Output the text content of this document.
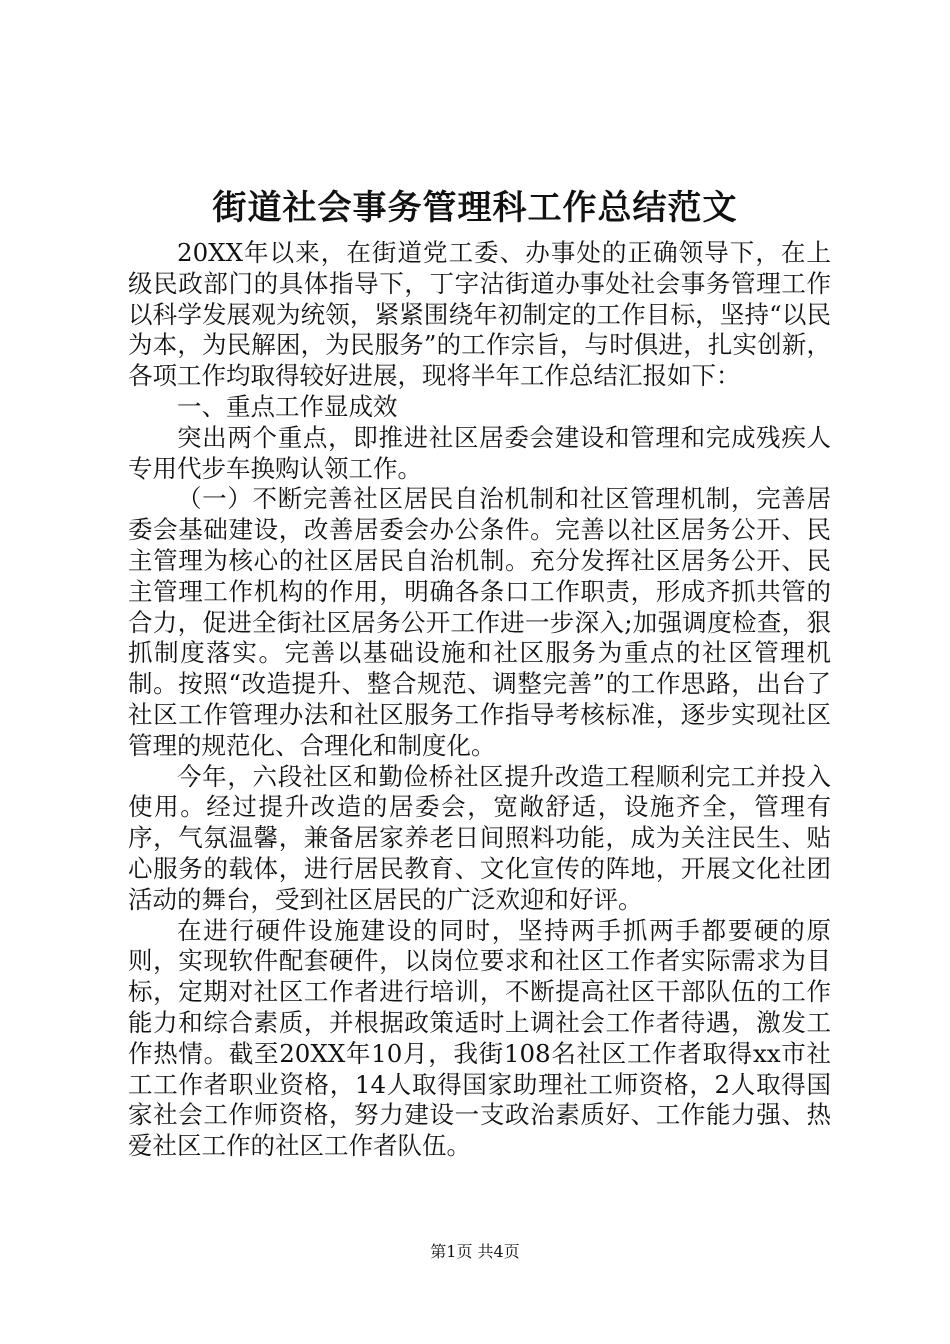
街道社会事务管理科工作总结范文

20XX年以来，在街道党工委、办事处的正确领导下，在上级民政部门的具体指导下，丁字沽街道办事处社会事务管理工作以科学发展观为统领，紧紧围绕年初制定的工作目标，坚持“以民为本，为民解困，为民服务”的工作宗旨，与时俱进，扎实创新，各项工作均取得较好进展，现将半年工作总结汇报如下：

一、重点工作显成效

突出两个重点，即推进社区居委会建设和管理和完成残疾人专用代步车换购认领工作。

（一）不断完善社区居民自治机制和社区管理机制，完善居委会基础建设，改善居委会办公条件。完善以社区居务公开、民主管理为核心的社区居民自治机制。充分发挥社区居务公开、民主管理工作机构的作用，明确各条口工作职责，形成齐抓共管的合力，促进全街社区居务公开工作进一步深入;加强调度检查，狠抓制度落实。完善以基础设施和社区服务为重点的社区管理机制。按照“改造提升、整合规范、调整完善”的工作思路，出台了社区工作管理办法和社区服务工作指导考核标准，逐步实现社区管理的规范化、合理化和制度化。

今年，六段社区和勤俭桥社区提升改造工程顺利完工并投入使用。经过提升改造的居委会，宽敞舒适，设施齐全，管理有序，气氛温馨，兼备居家养老日间照料功能，成为关注民生、贴心服务的载体，进行居民教育、文化宣传的阵地，开展文化社团活动的舞台，受到社区居民的广泛欢迎和好评。

在进行硬件设施建设的同时，坚持两手抓两手都要硬的原则，实现软件配套硬件，以岗位要求和社区工作者实际需求为目标，定期对社区工作者进行培训，不断提高社区干部队伍的工作能力和综合素质，并根据政策适时上调社会工作者待遇，激发工作热情。截至20XX年10月，我街108名社区工作者取得xx市社工工作者职业资格，14人取得国家助理社工师资格，2人取得国家社会工作师资格，努力建设一支政治素质好、工作能力强、热爱社区工作的社区工作者队伍。

第1页 共4页
